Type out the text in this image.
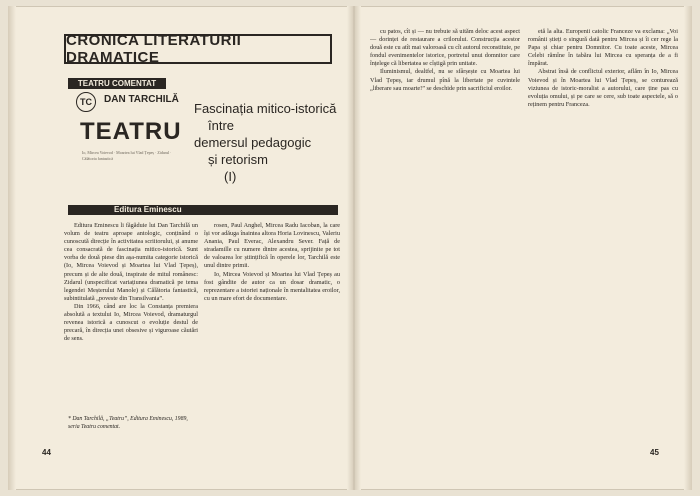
CRONICA LITERATURII DRAMATICE
TEATRU COMENTAT
TC	DAN TARCHILĂ
TEATRU
Io, Mircea Voievod · Moartea lui Vlad Țepeș · Zidarul · Călătoria fantastică
Fascinația mitico-istorică
între
demersul pedagogic
și retorism
(I)
Editura Eminescu

Editura Eminescu li făgăduie lui Dan Tarchilă un volum de teatru aproape antologic, conținând o cunoscută direcție în activitatea scriitorului, și anume cea consacrată de fascinația mitico-istorică. Sunt vorba de două piese din așa-numita categorie istorică (Io, Mircea Voievod și Moartea lui Vlad Țepeș), precum și de alte două, inspirate de mitul românesc: Zidarul (unspecificat variațiunea dramatică pe tema legendei Meșterului Manole) și Călătoria fantastică, subintitulată „poveste din Transilvania”.

Din 1966, când are loc la Constanța premiera absolută a textului Io, Mircea Voievod, dramaturgul revenea istorică a cunoscut o evoluție destul de precară, în direcția unei obsesive și viguroase căutări de sens.

* Dan Tarchilă, „Teatru”, Editura Eminescu, 1989, seria Teatru comentat.

rosen, Paul Anghel, Mircea Radu Iacoban, la care își vor adăuga înaintea altora Horia Lovinescu, Valeriu Anania, Paul Everac, Alexandru Sever. Față de stradamille cu numere dintre acestea, sprijinite pe tot de valoarea lor științifică în operele lor, Tarchilă este unul dintre primii.

Io, Mircea Voievod și Moartea lui Vlad Țepeș au fost gândite de autor ca un dosar dramatic, o reprezentare a istoriei naționale în mentalitatea eroilor, cu un mare efort de documentare.

cu patos, cît și — nu trebuie să uităm deloc acest aspect — dorinței de restaurare a crilorului. Construcția acestor două este cu atît mai valoroasă cu cît autorul reconstituie, pe fondul evenimentelor istorice, portretul unui domnitor care înțelege că libertatea se cîștigă prin unitate.

Iluminismul, dealtfel, nu se sfârșește cu Moartea lui Vlad Țepeș, iar drumul pînă la libertate pe cuvintele „liberare sau moarte!” se deschide prin sacrificiul eroilor.

etă la alta. Europenii catolic Franceze va exclama: „Voi românii știeți o singură dată pentru Mircea și îi cer rege la Papa și chiar pentru Domnitor. Cu toate aceste, Mircea Celebi rămîne în tabăra lui Mircea cu speranța de a fi împărat.

Abstrat însă de conflictul exterior, aflăm în Io, Mircea Voievod și în Moartea lui Vlad Țepeș, se conturează viziunea de istoric-moralist a autorului, care ține pas cu evoluția omului, și pe care se cere, sub toate aspectele, să o reținem pentru Franceza.

44	45
